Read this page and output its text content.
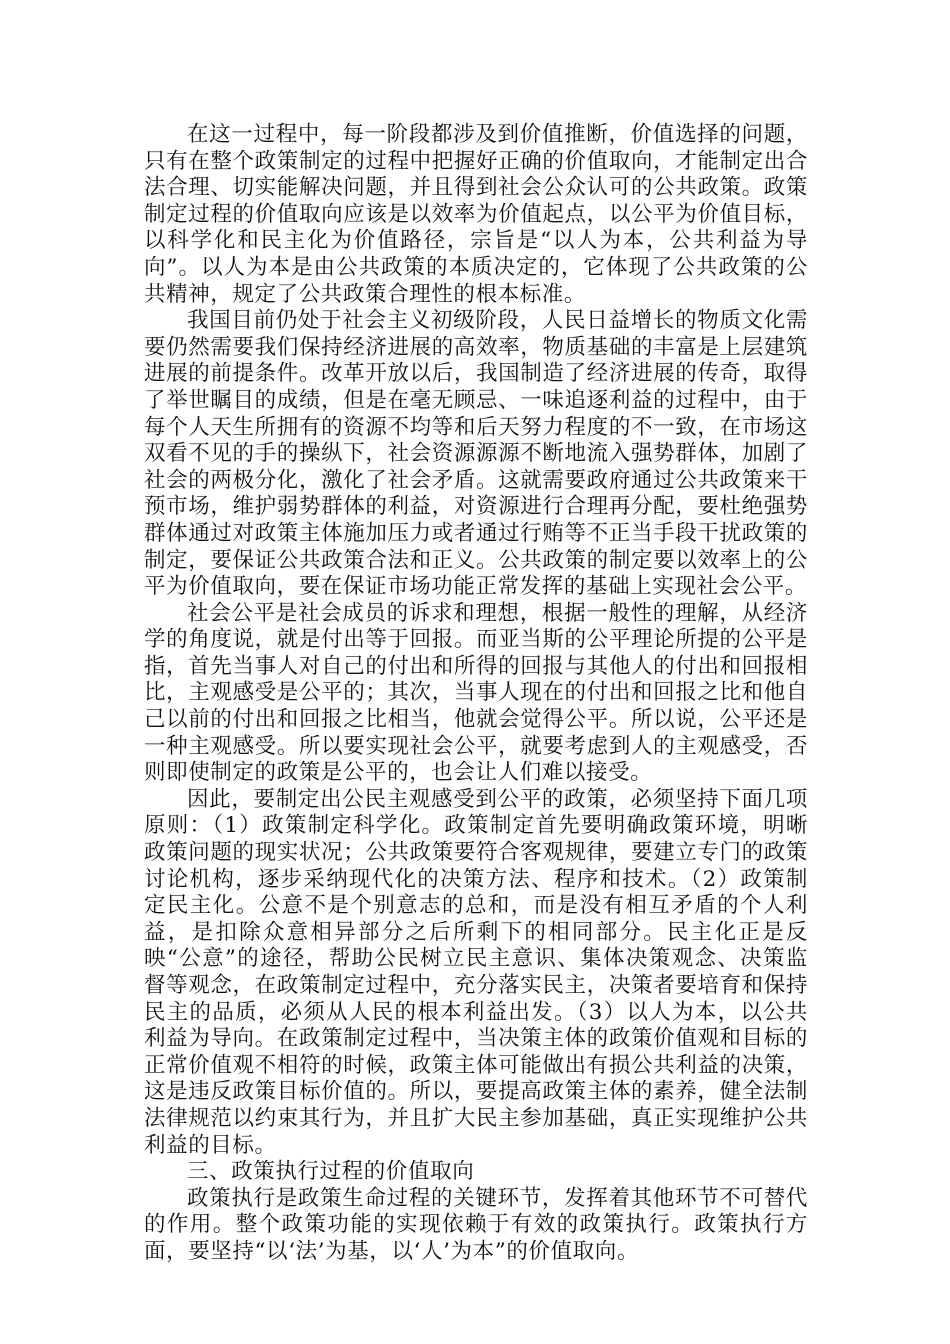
在这一过程中，每一阶段都涉及到价值推断，价值选择的问题，只有在整个政策制定的过程中把握好正确的价值取向，才能制定出合法合理、切实能解决问题，并且得到社会公众认可的公共政策。政策制定过程的价值取向应该是以效率为价值起点，以公平为价值目标，以科学化和民主化为价值路径，宗旨是“以人为本，公共利益为导向”。以人为本是由公共政策的本质决定的，它体现了公共政策的公共精神，规定了公共政策合理性的根本标准。

我国目前仍处于社会主义初级阶段，人民日益增长的物质文化需要仍然需要我们保持经济进展的高效率，物质基础的丰富是上层建筑进展的前提条件。改革开放以后，我国制造了经济进展的传奇，取得了举世瞩目的成绩，但是在毫无顾忌、一味追逐利益的过程中，由于每个人天生所拥有的资源不均等和后天努力程度的不一致，在市场这双看不见的手的操纵下，社会资源源源不断地流入强势群体，加剧了社会的两极分化，激化了社会矛盾。这就需要政府通过公共政策来干预市场，维护弱势群体的利益，对资源进行合理再分配，要杜绝强势群体通过对政策主体施加压力或者通过行贿等不正当手段干扰政策的制定，要保证公共政策合法和正义。公共政策的制定要以效率上的公平为价值取向，要在保证市场功能正常发挥的基础上实现社会公平。

社会公平是社会成员的诉求和理想，根据一般性的理解，从经济学的角度说，就是付出等于回报。而亚当斯的公平理论所提的公平是指，首先当事人对自己的付出和所得的回报与其他人的付出和回报相比，主观感受是公平的；其次，当事人现在的付出和回报之比和他自己以前的付出和回报之比相当，他就会觉得公平。所以说，公平还是一种主观感受。所以要实现社会公平，就要考虑到人的主观感受，否则即使制定的政策是公平的，也会让人们难以接受。

因此，要制定出公民主观感受到公平的政策，必须坚持下面几项原则：（1）政策制定科学化。政策制定首先要明确政策环境，明晰政策问题的现实状况；公共政策要符合客观规律，要建立专门的政策讨论机构，逐步采纳现代化的决策方法、程序和技术。（2）政策制定民主化。公意不是个别意志的总和，而是没有相互矛盾的个人利益，是扣除众意相异部分之后所剩下的相同部分。民主化正是反映“公意”的途径，帮助公民树立民主意识、集体决策观念、决策监督等观念，在政策制定过程中，充分落实民主，决策者要培育和保持民主的品质，必须从人民的根本利益出发。（3）以人为本，以公共利益为导向。在政策制定过程中，当决策主体的政策价值观和目标的正常价值观不相符的时候，政策主体可能做出有损公共利益的决策，这是违反政策目标价值的。所以，要提高政策主体的素养，健全法制法律规范以约束其行为，并且扩大民主参加基础，真正实现维护公共利益的目标。

三、政策执行过程的价值取向

政策执行是政策生命过程的关键环节，发挥着其他环节不可替代的作用。整个政策功能的实现依赖于有效的政策执行。政策执行方面，要坚持“以‘法’为基，以‘人’为本”的价值取向。
